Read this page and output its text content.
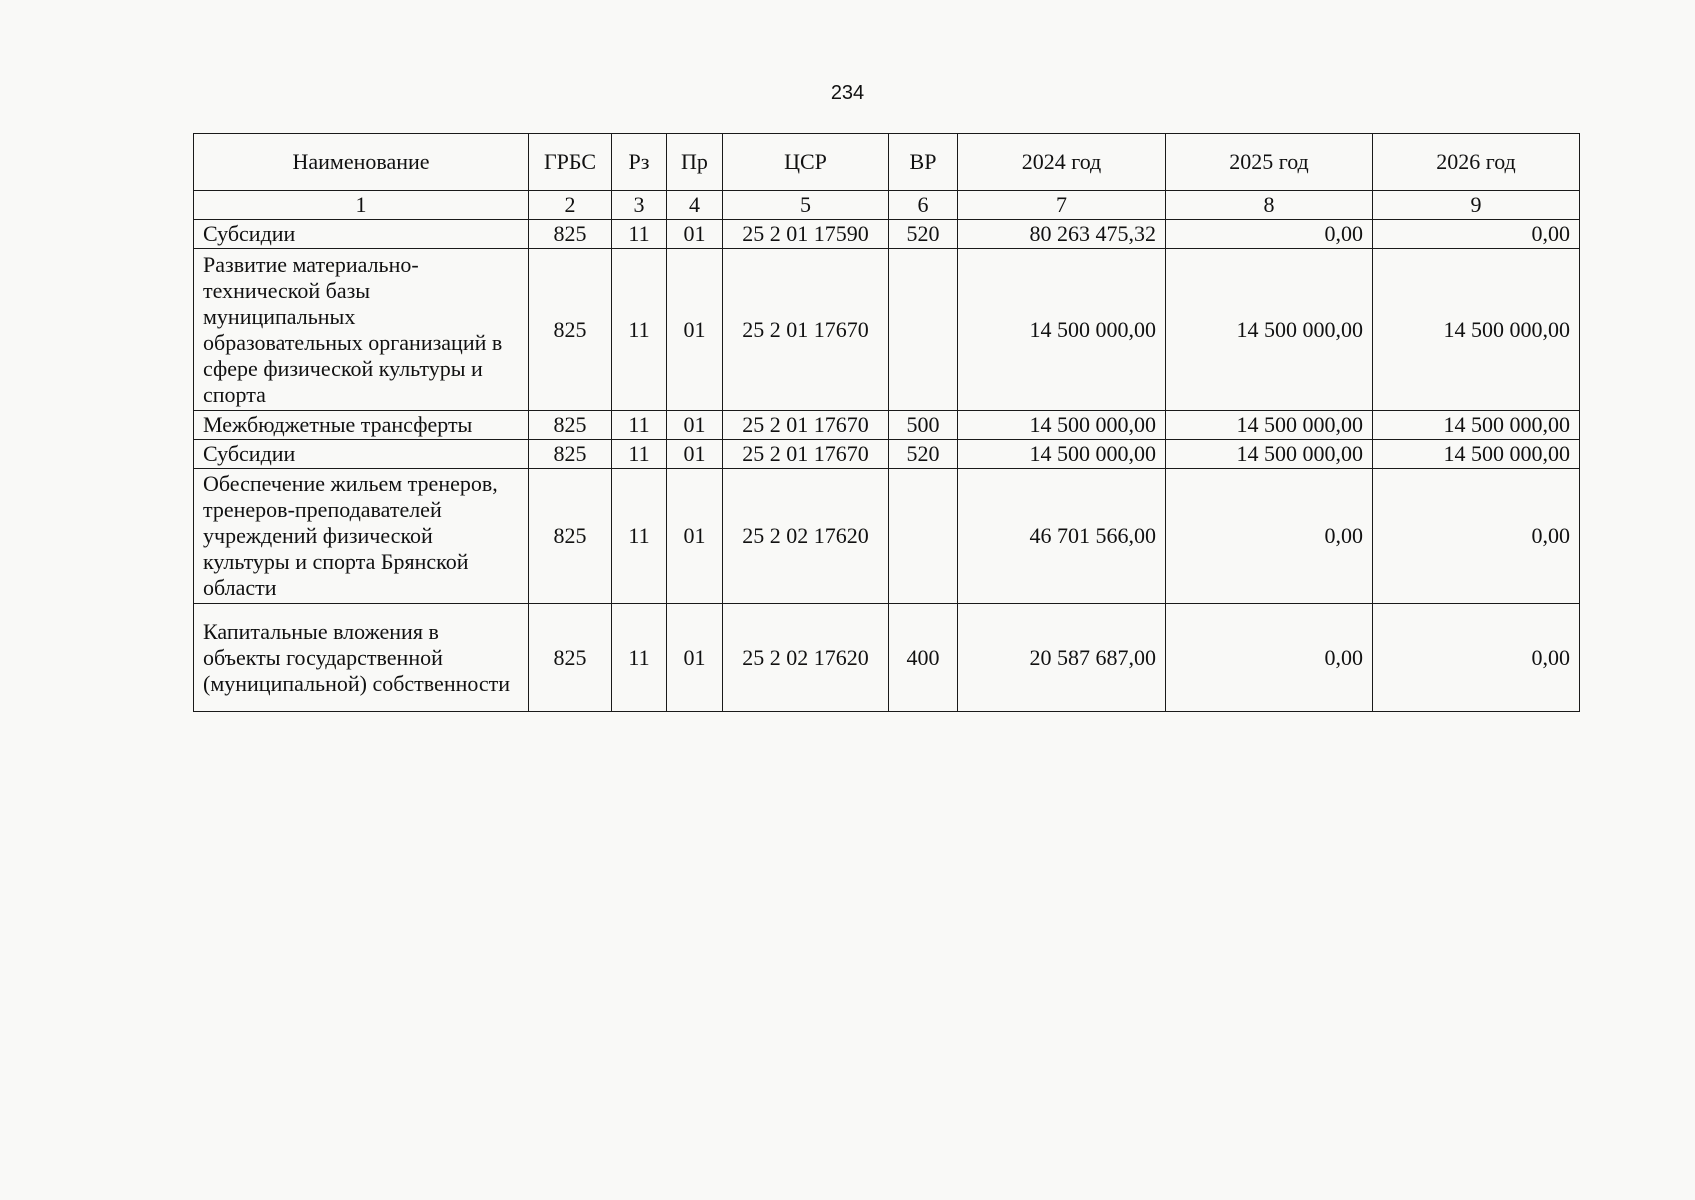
234
Наименование	ГРБС	Рз	Пр	ЦСР	ВР	2024 год	2025 год	2026 год
1	2	3	4	5	6	7	8	9
Субсидии	825	11	01	25 2 01 17590	520	80 263 475,32	0,00	0,00
Развитие материально-технической базы муниципальных образовательных организаций в сфере физической культуры и спорта	825	11	01	25 2 01 17670		14 500 000,00	14 500 000,00	14 500 000,00
Межбюджетные трансферты	825	11	01	25 2 01 17670	500	14 500 000,00	14 500 000,00	14 500 000,00
Субсидии	825	11	01	25 2 01 17670	520	14 500 000,00	14 500 000,00	14 500 000,00
Обеспечение жильем тренеров, тренеров-преподавателей учреждений физической культуры и спорта Брянской области	825	11	01	25 2 02 17620		46 701 566,00	0,00	0,00
Капитальные вложения в объекты государственной (муниципальной) собственности	825	11	01	25 2 02 17620	400	20 587 687,00	0,00	0,00
